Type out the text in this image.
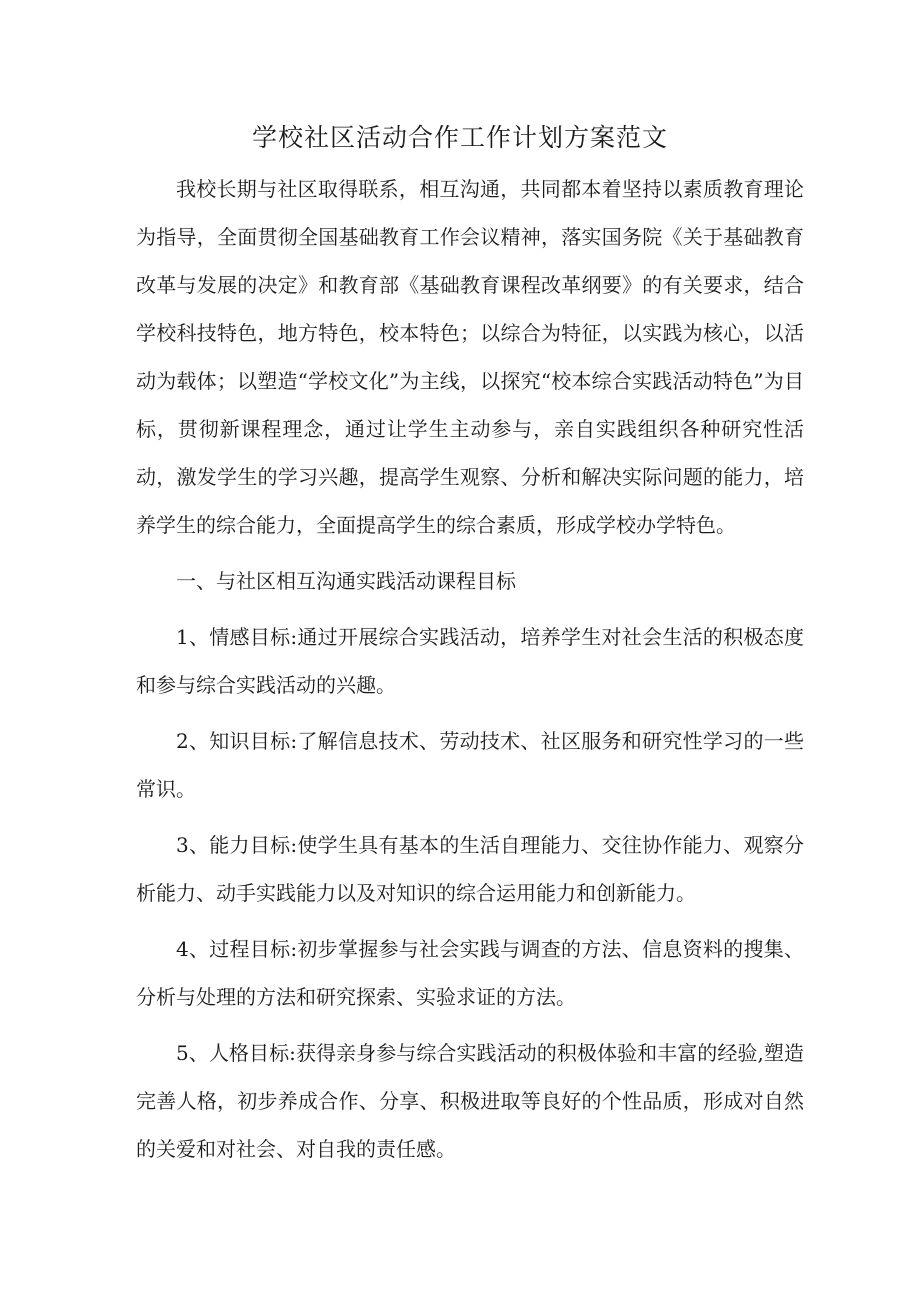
学校社区活动合作工作计划方案范文

我校长期与社区取得联系，相互沟通，共同都本着坚持以素质教育理论为指导，全面贯彻全国基础教育工作会议精神，落实国务院《关于基础教育改革与发展的决定》和教育部《基础教育课程改革纲要》的有关要求，结合学校科技特色，地方特色，校本特色；以综合为特征，以实践为核心，以活动为载体；以塑造“学校文化”为主线，以探究“校本综合实践活动特色”为目标，贯彻新课程理念，通过让学生主动参与，亲自实践组织各种研究性活动，激发学生的学习兴趣，提高学生观察、分析和解决实际问题的能力，培养学生的综合能力，全面提高学生的综合素质，形成学校办学特色。

一、与社区相互沟通实践活动课程目标

1、情感目标:通过开展综合实践活动，培养学生对社会生活的积极态度和参与综合实践活动的兴趣。

2、知识目标:了解信息技术、劳动技术、社区服务和研究性学习的一些常识。

3、能力目标:使学生具有基本的生活自理能力、交往协作能力、观察分析能力、动手实践能力以及对知识的综合运用能力和创新能力。

4、过程目标:初步掌握参与社会实践与调查的方法、信息资料的搜集、分析与处理的方法和研究探索、实验求证的方法。

5、人格目标:获得亲身参与综合实践活动的积极体验和丰富的经验,塑造完善人格，初步养成合作、分享、积极进取等良好的个性品质，形成对自然的关爱和对社会、对自我的责任感。
